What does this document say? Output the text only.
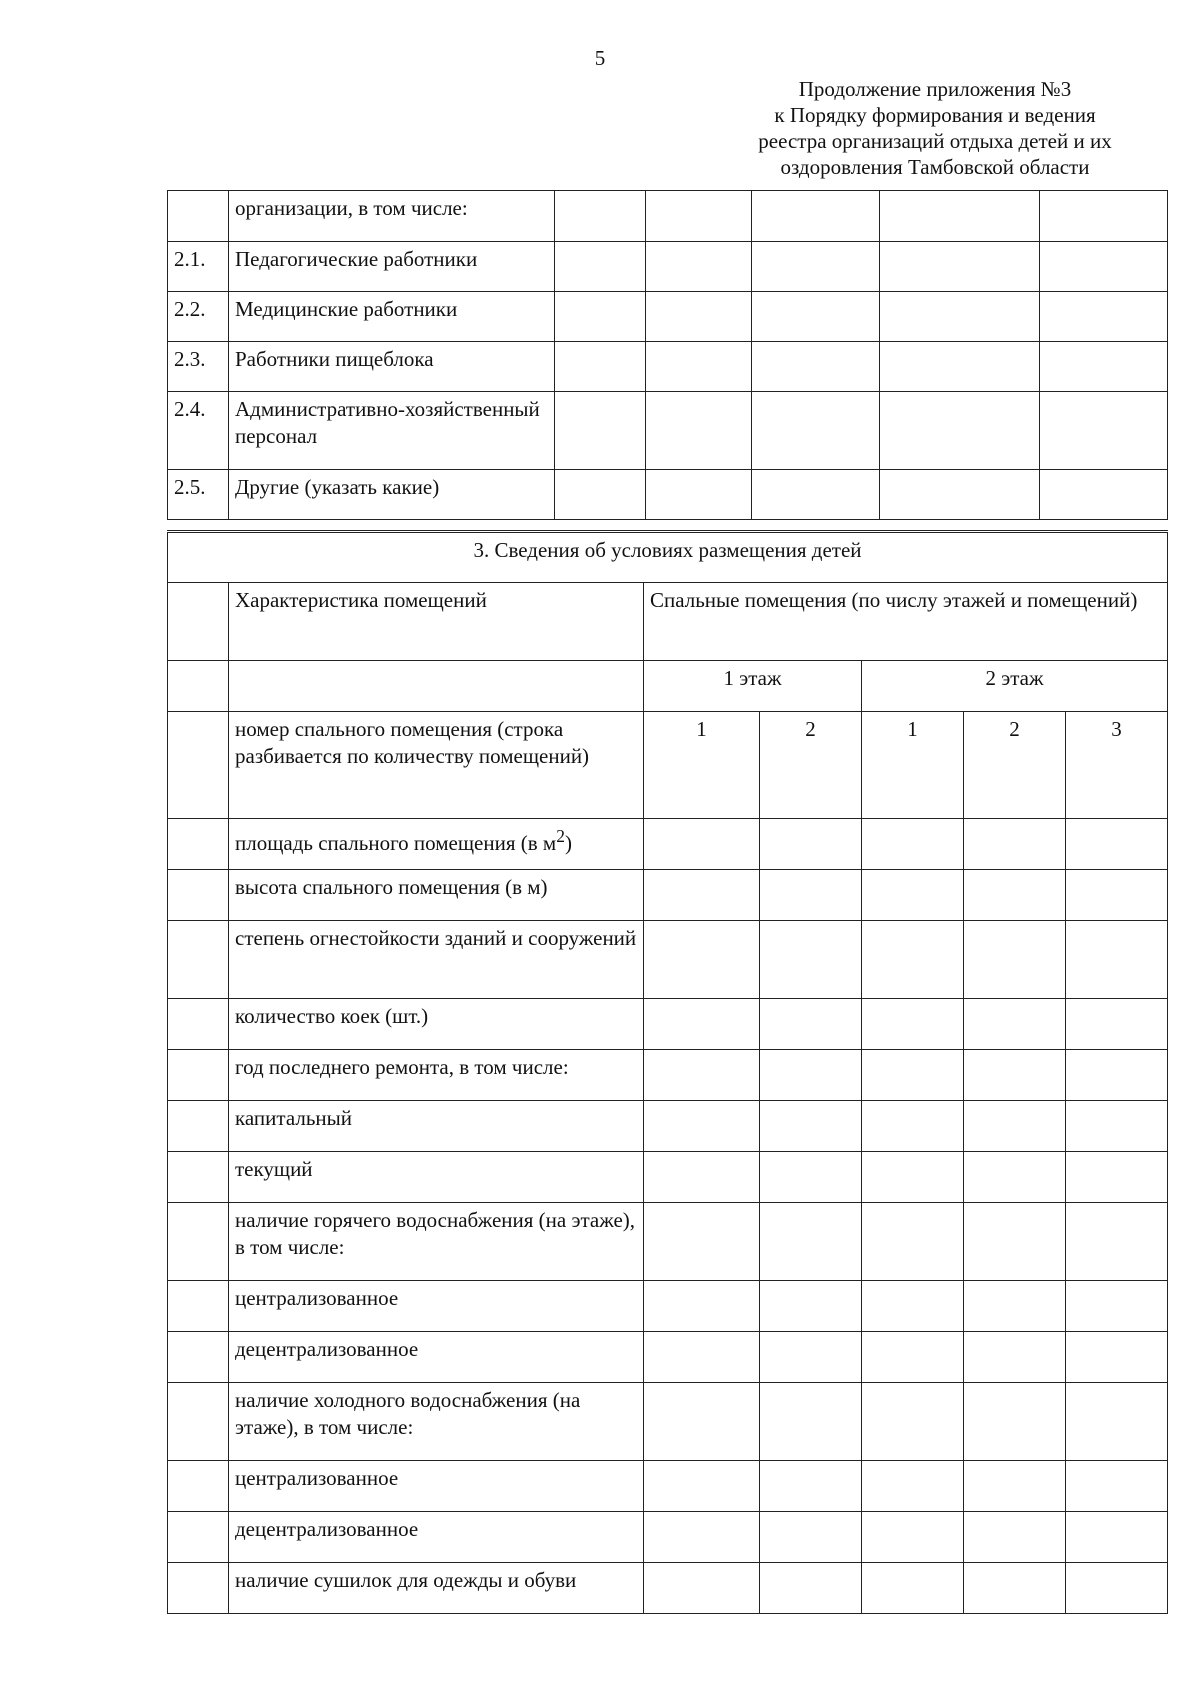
5
Продолжение приложения №3
к Порядку формирования и ведения
реестра организаций отдыха детей и их
оздоровления Тамбовской области
	организации, в том числе:					
2.1.	Педагогические работники					
2.2.	Медицинские работники					
2.3.	Работники пищеблока					
2.4.	Административно-хозяйственный персонал					
2.5.	Другие (указать какие)					
3. Сведения об условиях размещения детей						
	Характеристика помещений	Спальные помещения (по числу этажей и помещений)				
		1 этаж		2 этаж		
	номер спального помещения (строка разбивается по количеству помещений)	1	2	1	2	3
	площадь спального помещения (в $м^2$)					
	высота спального помещения (в м)					
	степень огнестойкости зданий и сооружений					
	количество коек (шт.)					
	год последнего ремонта, в том числе:					
	капитальный					
	текущий					
	наличие горячего водоснабжения (на этаже), в том числе:					
	централизованное					
	децентрализованное					
	наличие холодного водоснабжения (на этаже), в том числе:					
	централизованное					
	децентрализованное					
	наличие сушилок для одежды и обуви					
